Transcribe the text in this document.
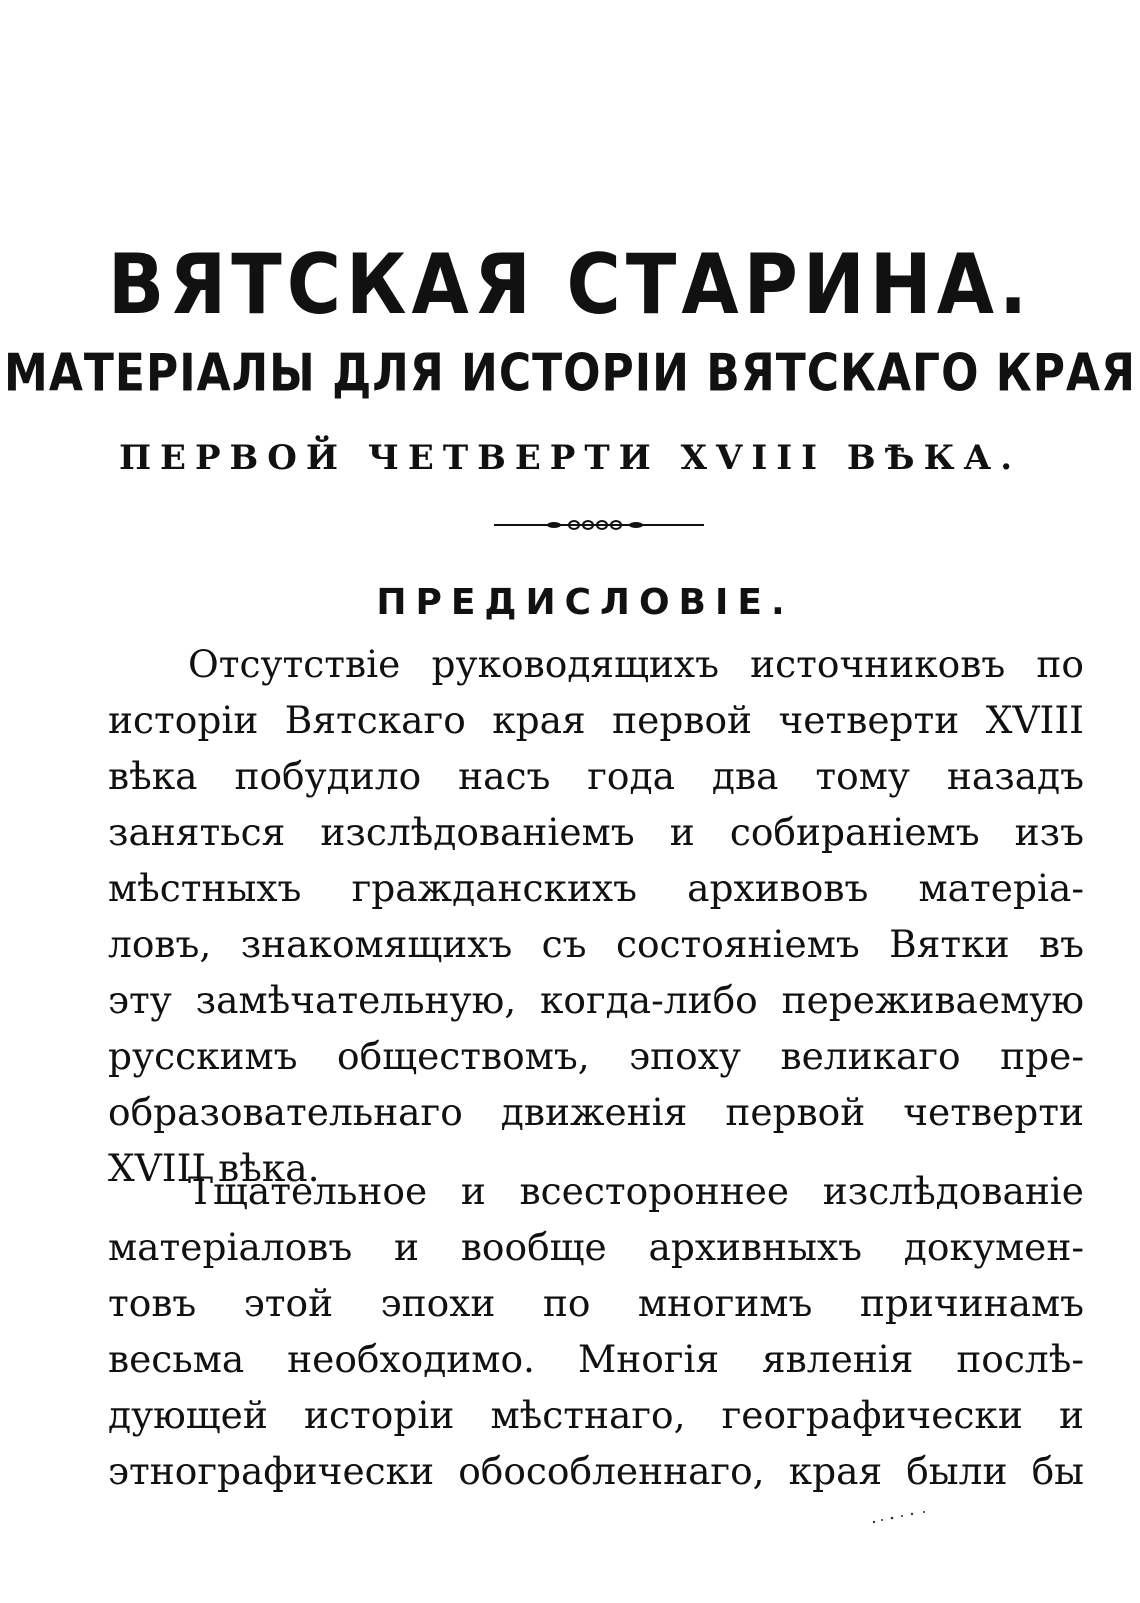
ВЯТСКАЯ СТАРИНА.
МАТЕРІАЛЫ ДЛЯ ИСТОРІИ ВЯТСКАГО КРАЯ
ПЕРВОЙ ЧЕТВЕРТИ XVIII ВѢКА.
ПРЕДИСЛОВІЕ.
Отсутствіе руководящихъ источниковъ по
исторіи Вятскаго края первой четверти XVIII
вѣка побудило насъ года два тому назадъ
заняться изслѣдованіемъ и собираніемъ изъ
мѣстныхъ гражданскихъ архивовъ матеріа-
ловъ, знакомящихъ съ состояніемъ Вятки въ
эту замѣчательную, когда-либо переживаемую
русскимъ обществомъ, эпоху великаго пре-
образовательнаго движенія первой четверти
XVIII вѣка.
Тщательное и всестороннее изслѣдованіе
матеріаловъ и вообще архивныхъ докумен-
товъ этой эпохи по многимъ причинамъ
весьма необходимо. Многія явленія послѣ-
дующей исторіи мѣстнаго, географически и
этнографически обособленнаго, края были бы
